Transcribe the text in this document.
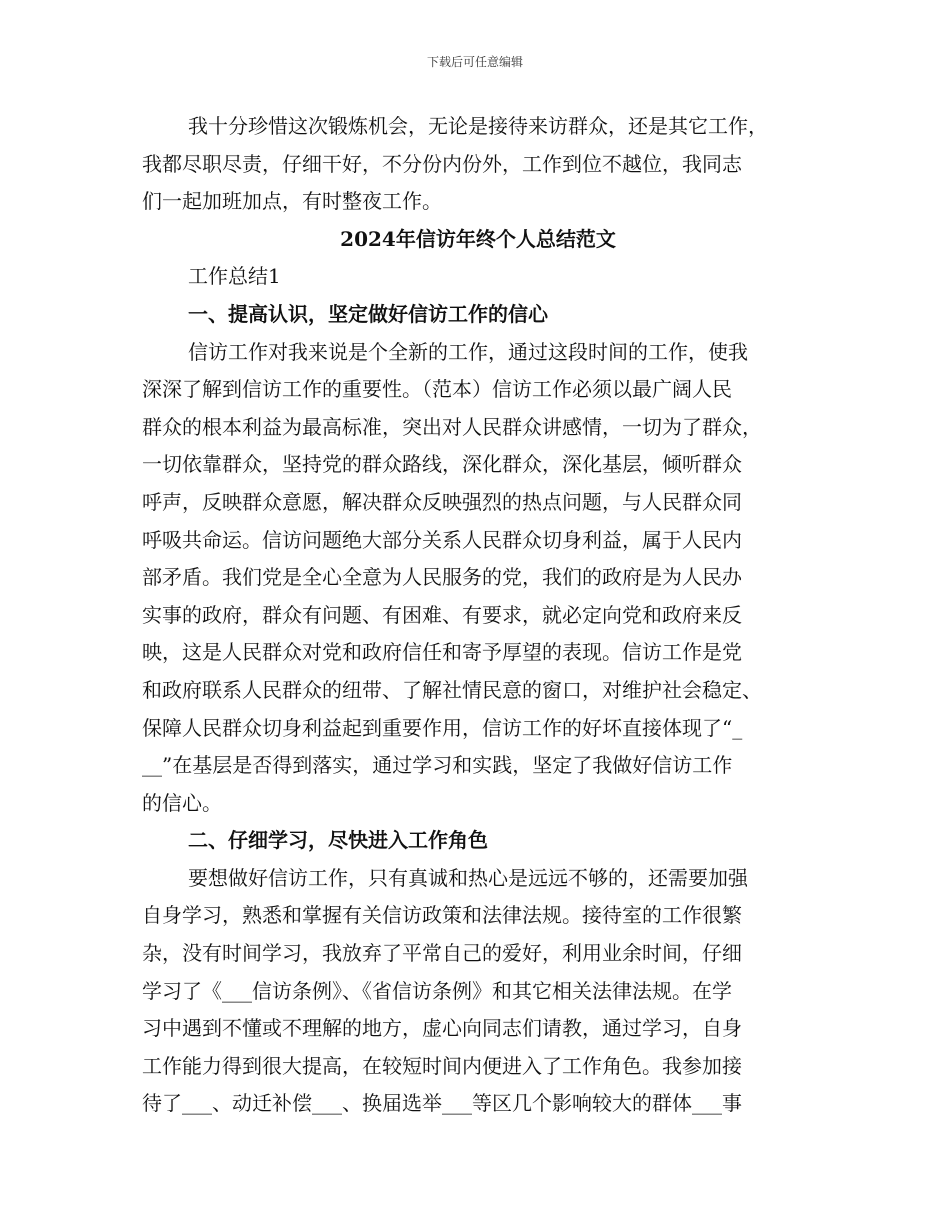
下载后可任意编辑

我十分珍惜这次锻炼机会，无论是接待来访群众，还是其它工作，

我都尽职尽责，仔细干好，不分份内份外，工作到位不越位，我同志

们一起加班加点，有时整夜工作。

2024年信访年终个人总结范文

工作总结1

一、提高认识，坚定做好信访工作的信心

信访工作对我来说是个全新的工作，通过这段时间的工作，使我

深深了解到信访工作的重要性。（范本）信访工作必须以最广阔人民

群众的根本利益为最高标准，突出对人民群众讲感情，一切为了群众，

一切依靠群众，坚持党的群众路线，深化群众，深化基层，倾听群众

呼声，反映群众意愿，解决群众反映强烈的热点问题，与人民群众同

呼吸共命运。信访问题绝大部分关系人民群众切身利益，属于人民内

部矛盾。我们党是全心全意为人民服务的党，我们的政府是为人民办

实事的政府，群众有问题、有困难、有要求，就必定向党和政府来反

映，这是人民群众对党和政府信任和寄予厚望的表现。信访工作是党

和政府联系人民群众的纽带、了解社情民意的窗口，对维护社会稳定、

保障人民群众切身利益起到重要作用，信访工作的好坏直接体现了“_

__”在基层是否得到落实，通过学习和实践，坚定了我做好信访工作

的信心。

二、仔细学习，尽快进入工作角色

要想做好信访工作，只有真诚和热心是远远不够的，还需要加强

自身学习，熟悉和掌握有关信访政策和法律法规。接待室的工作很繁

杂，没有时间学习，我放弃了平常自己的爱好，利用业余时间，仔细

学习了《___信访条例》、《省信访条例》和其它相关法律法规。在学

习中遇到不懂或不理解的地方，虚心向同志们请教，通过学习，自身

工作能力得到很大提高，在较短时间内便进入了工作角色。我参加接

待了___、动迁补偿___、换届选举___等区几个影响较大的群体___事
